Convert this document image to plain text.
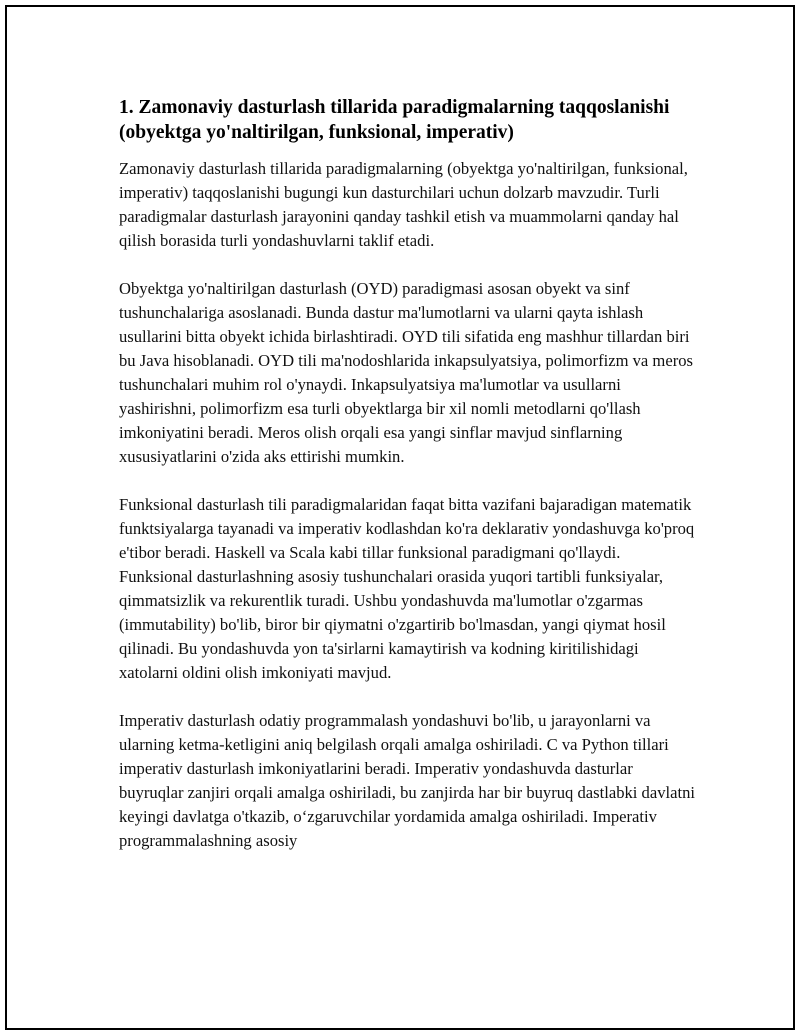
1. Zamonaviy dasturlash tillarida paradigmalarning taqqoslanishi (obyektga yo'naltirilgan, funksional, imperativ)

Zamonaviy dasturlash tillarida paradigmalarning (obyektga yo'naltirilgan, funksional, imperativ) taqqoslanishi bugungi kun dasturchilari uchun dolzarb mavzudir. Turli paradigmalar dasturlash jarayonini qanday tashkil etish va muammolarni qanday hal qilish borasida turli yondashuvlarni taklif etadi.

Obyektga yo'naltirilgan dasturlash (OYD) paradigmasi asosan obyekt va sinf tushunchalariga asoslanadi. Bunda dastur ma'lumotlarni va ularni qayta ishlash usullarini bitta obyekt ichida birlashtiradi. OYD tili sifatida eng mashhur tillardan biri bu Java hisoblanadi. OYD tili ma'nodoshlarida inkapsulyatsiya, polimorfizm va meros tushunchalari muhim rol o'ynaydi. Inkapsulyatsiya ma'lumotlar va usullarni yashirishni, polimorfizm esa turli obyektlarga bir xil nomli metodlarni qo'llash imkoniyatini beradi. Meros olish orqali esa yangi sinflar mavjud sinflarning xususiyatlarini o'zida aks ettirishi mumkin.

Funksional dasturlash tili paradigmalaridan faqat bitta vazifani bajaradigan matematik funktsiyalarga tayanadi va imperativ kodlashdan ko'ra deklarativ yondashuvga ko'proq e'tibor beradi. Haskell va Scala kabi tillar funksional paradigmani qo'llaydi. Funksional dasturlashning asosiy tushunchalari orasida yuqori tartibli funksiyalar, qimmatsizlik va rekurentlik turadi. Ushbu yondashuvda ma'lumotlar o'zgarmas (immutability) bo'lib, biror bir qiymatni o'zgartirib bo'lmasdan, yangi qiymat hosil qilinadi. Bu yondashuvda yon ta'sirlarni kamaytirish va kodning kiritilishidagi xatolarni oldini olish imkoniyati mavjud.

Imperativ dasturlash odatiy programmalash yondashuvi bo'lib, u jarayonlarni va ularning ketma-ketligini aniq belgilash orqali amalga oshiriladi. C va Python tillari imperativ dasturlash imkoniyatlarini beradi. Imperativ yondashuvda dasturlar buyruqlar zanjiri orqali amalga oshiriladi, bu zanjirda har bir buyruq dastlabki davlatni keyingi davlatga o'tkazib, o‘zgaruvchilar yordamida amalga oshiriladi. Imperativ programmalashning asosiy
